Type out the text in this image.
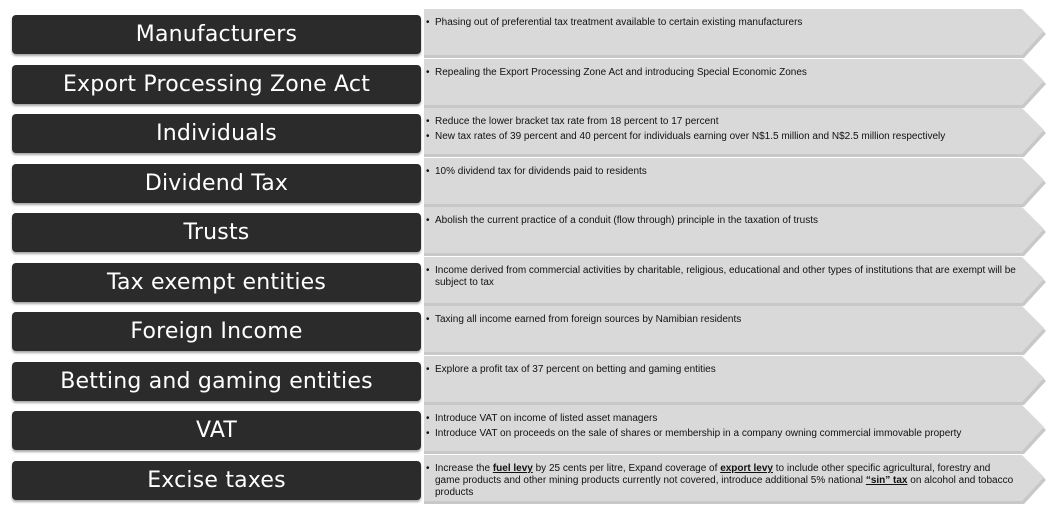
Manufacturers	• Phasing out of preferential tax treatment available to certain existing manufacturers
Export Processing Zone Act	• Repealing the Export Processing Zone Act and introducing Special Economic Zones
Individuals	• Reduce the lower bracket tax rate from 18 percent to 17 percent
• New tax rates of 39 percent and 40 percent for individuals earning over N$1.5 million and N$2.5 million respectively
Dividend Tax	• 10% dividend tax for dividends paid to residents
Trusts	• Abolish the current practice of a conduit (flow through) principle in the taxation of trusts
Tax exempt entities	• Income derived from commercial activities by charitable, religious, educational and other types of institutions that are exempt will be subject to tax
Foreign Income	• Taxing all income earned from foreign sources by Namibian residents
Betting and gaming entities	• Explore a profit tax of 37 percent on betting and gaming entities
VAT	• Introduce VAT on income of listed asset managers
• Introduce VAT on proceeds on the sale of shares or membership in a company owning commercial immovable property
Excise taxes	• Increase the fuel levy by 25 cents per litre, Expand coverage of export levy to include other specific agricultural, forestry and game products and other mining products currently not covered, introduce additional 5% national “sin” tax on alcohol and tobacco products
